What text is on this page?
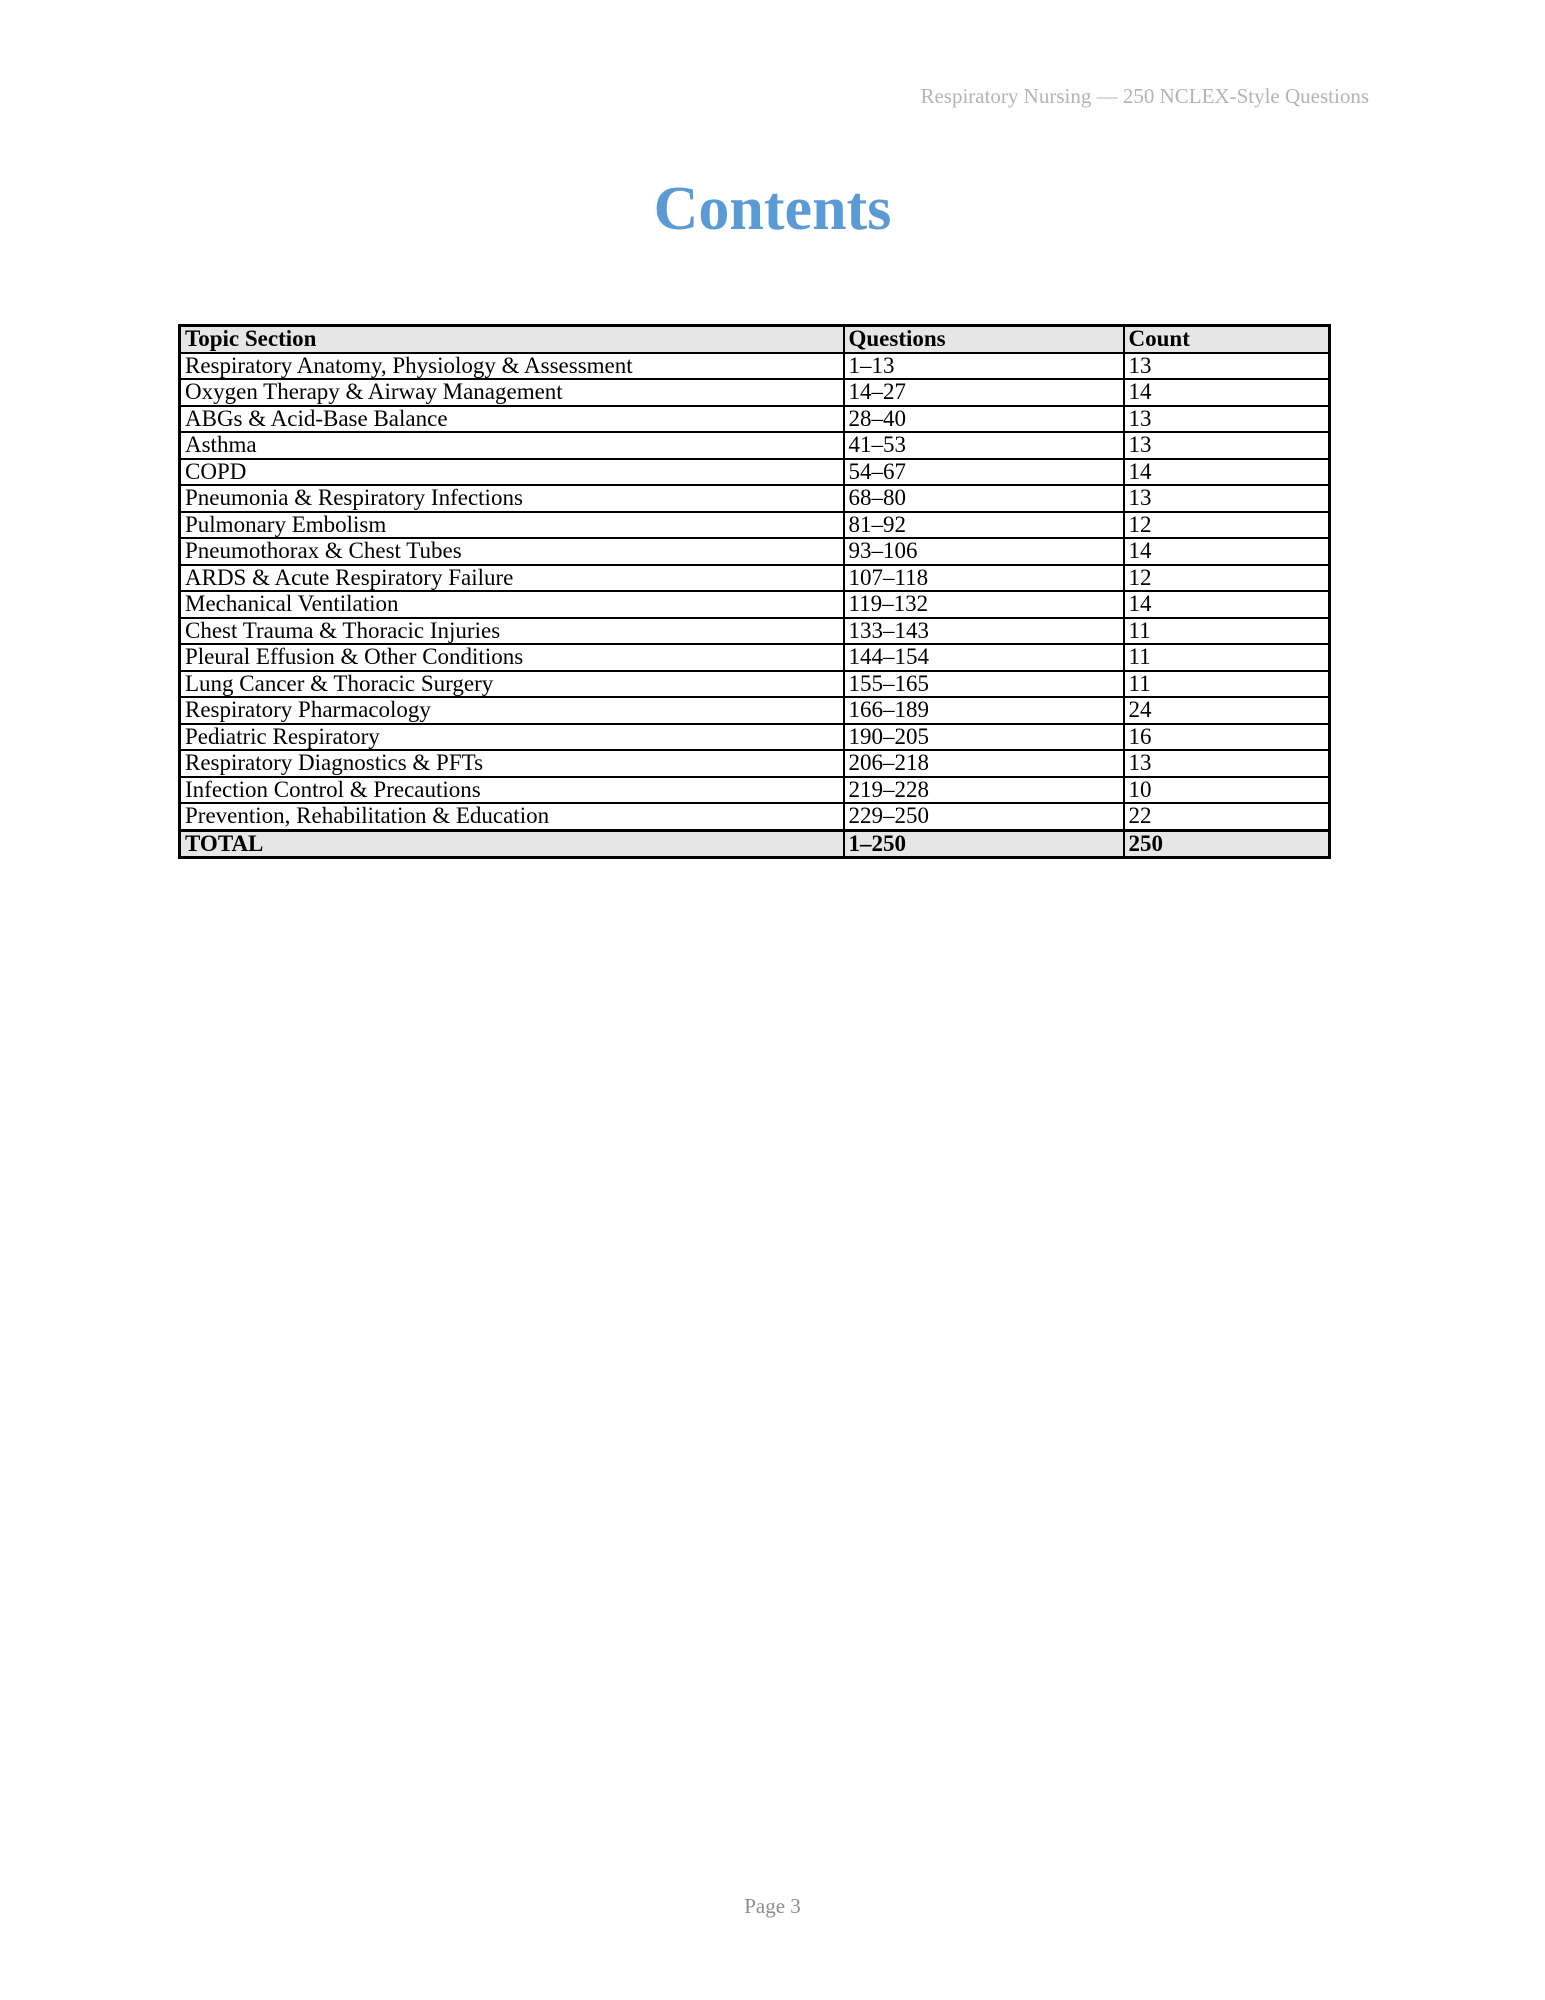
Respiratory Nursing — 250 NCLEX-Style Questions
Contents
Topic Section	Questions	Count
Respiratory Anatomy, Physiology & Assessment	1–13	13
Oxygen Therapy & Airway Management	14–27	14
ABGs & Acid-Base Balance	28–40	13
Asthma	41–53	13
COPD	54–67	14
Pneumonia & Respiratory Infections	68–80	13
Pulmonary Embolism	81–92	12
Pneumothorax & Chest Tubes	93–106	14
ARDS & Acute Respiratory Failure	107–118	12
Mechanical Ventilation	119–132	14
Chest Trauma & Thoracic Injuries	133–143	11
Pleural Effusion & Other Conditions	144–154	11
Lung Cancer & Thoracic Surgery	155–165	11
Respiratory Pharmacology	166–189	24
Pediatric Respiratory	190–205	16
Respiratory Diagnostics & PFTs	206–218	13
Infection Control & Precautions	219–228	10
Prevention, Rehabilitation & Education	229–250	22
TOTAL	1–250	250
Page 3
